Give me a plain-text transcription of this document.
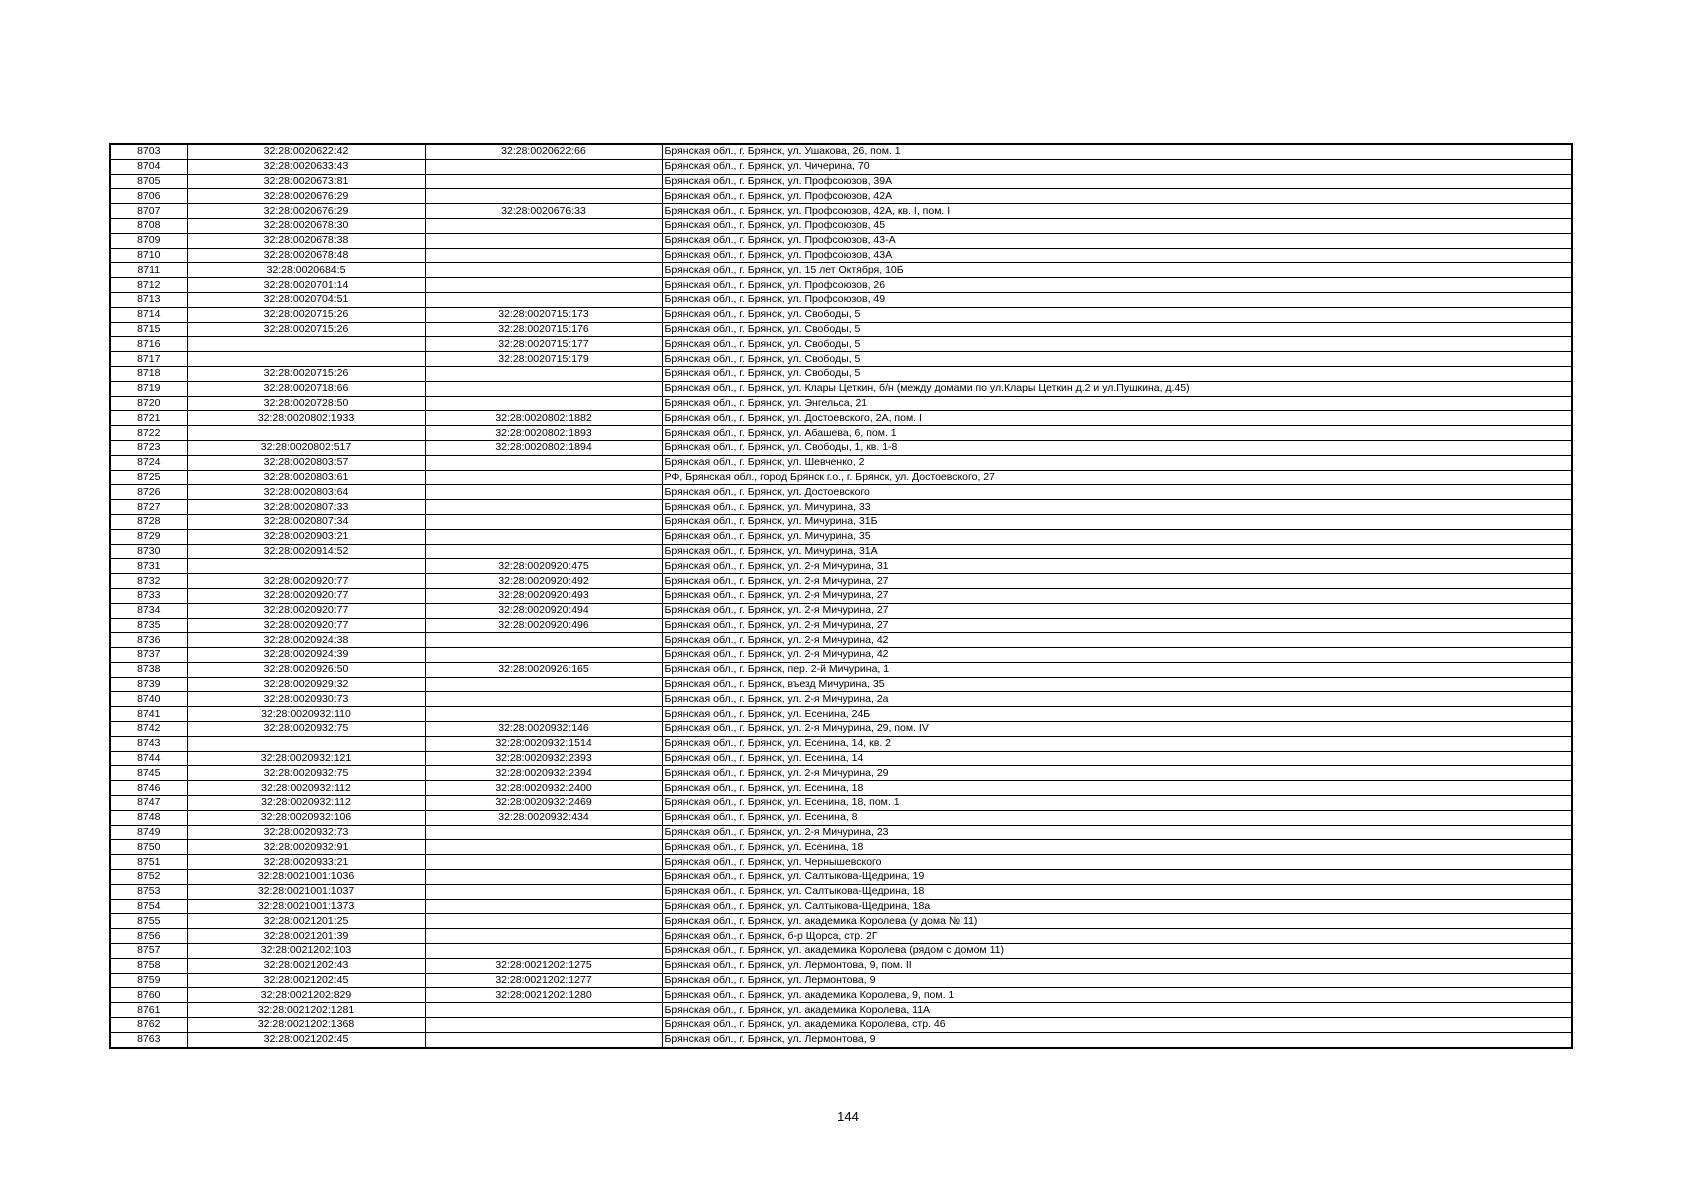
8703	32:28:0020622:42	32:28:0020622:66	Брянская обл., г. Брянск, ул. Ушакова, 26, пом. 1
8704	32:28:0020633:43		Брянская обл., г. Брянск, ул. Чичерина, 70
8705	32:28:0020673:81		Брянская обл., г. Брянск, ул. Профсоюзов, 39А
8706	32:28:0020676:29		Брянская обл., г. Брянск, ул. Профсоюзов, 42А
8707	32:28:0020676:29	32:28:0020676:33	Брянская обл., г. Брянск, ул. Профсоюзов, 42А, кв. I, пом. I
8708	32:28:0020678:30		Брянская обл., г. Брянск, ул. Профсоюзов, 45
8709	32:28:0020678:38		Брянская обл., г. Брянск, ул. Профсоюзов, 43-А
8710	32:28:0020678:48		Брянская обл., г. Брянск, ул. Профсоюзов, 43А
8711	32:28:0020684:5		Брянская обл., г. Брянск, ул. 15 лет Октября, 10Б
8712	32:28:0020701:14		Брянская обл., г. Брянск, ул. Профсоюзов, 26
8713	32:28:0020704:51		Брянская обл., г. Брянск, ул. Профсоюзов, 49
8714	32:28:0020715:26	32:28:0020715:173	Брянская обл., г. Брянск, ул. Свободы, 5
8715	32:28:0020715:26	32:28:0020715:176	Брянская обл., г. Брянск, ул. Свободы, 5
8716		32:28:0020715:177	Брянская обл., г. Брянск, ул. Свободы, 5
8717		32:28:0020715:179	Брянская обл., г. Брянск, ул. Свободы, 5
8718	32:28:0020715:26		Брянская обл., г. Брянск, ул. Свободы, 5
8719	32:28:0020718:66		Брянская обл., г. Брянск, ул. Клары Цеткин, б/н (между домами по ул.Клары Цеткин д.2 и ул.Пушкина, д.45)
8720	32:28:0020728:50		Брянская обл., г. Брянск, ул. Энгельса, 21
8721	32:28:0020802:1933	32:28:0020802:1882	Брянская обл., г. Брянск, ул. Достоевского, 2А, пом. I
8722		32:28:0020802:1893	Брянская обл., г. Брянск, ул. Абашева, 6, пом. 1
8723	32:28:0020802:517	32:28:0020802:1894	Брянская обл., г. Брянск, ул. Свободы, 1, кв. 1-8
8724	32:28:0020803:57		Брянская обл., г. Брянск, ул. Шевченко, 2
8725	32:28:0020803:61		РФ, Брянская обл., город Брянск г.о., г. Брянск, ул. Достоевского, 27
8726	32:28:0020803:64		Брянская обл., г. Брянск, ул. Достоевского
8727	32:28:0020807:33		Брянская обл., г. Брянск, ул. Мичурина, 33
8728	32:28:0020807:34		Брянская обл., г. Брянск, ул. Мичурина, 31Б
8729	32:28:0020903:21		Брянская обл., г. Брянск, ул. Мичурина, 35
8730	32:28:0020914:52		Брянская обл., г. Брянск, ул. Мичурина, 31А
8731		32:28:0020920:475	Брянская обл., г. Брянск, ул. 2-я Мичурина, 31
8732	32:28:0020920:77	32:28:0020920:492	Брянская обл., г. Брянск, ул. 2-я Мичурина, 27
8733	32:28:0020920:77	32:28:0020920:493	Брянская обл., г. Брянск, ул. 2-я Мичурина, 27
8734	32:28:0020920:77	32:28:0020920:494	Брянская обл., г. Брянск, ул. 2-я Мичурина, 27
8735	32:28:0020920:77	32:28:0020920:496	Брянская обл., г. Брянск, ул. 2-я Мичурина, 27
8736	32:28:0020924:38		Брянская обл., г. Брянск, ул. 2-я Мичурина, 42
8737	32:28:0020924:39		Брянская обл., г. Брянск, ул. 2-я Мичурина, 42
8738	32:28:0020926:50	32:28:0020926:165	Брянская обл., г. Брянск, пер. 2-й Мичурина, 1
8739	32:28:0020929:32		Брянская обл., г. Брянск, въезд Мичурина, 35
8740	32:28:0020930:73		Брянская обл., г. Брянск, ул. 2-я Мичурина, 2а
8741	32:28:0020932:110		Брянская обл., г. Брянск, ул. Есенина, 24Б
8742	32:28:0020932:75	32:28:0020932:146	Брянская обл., г. Брянск, ул. 2-я Мичурина, 29, пом. IV
8743		32:28:0020932:1514	Брянская обл., г. Брянск, ул. Есенина, 14, кв. 2
8744	32:28:0020932:121	32:28:0020932:2393	Брянская обл., г. Брянск, ул. Есенина, 14
8745	32:28:0020932:75	32:28:0020932:2394	Брянская обл., г. Брянск, ул. 2-я Мичурина, 29
8746	32:28:0020932:112	32:28:0020932:2400	Брянская обл., г. Брянск, ул. Есенина, 18
8747	32:28:0020932:112	32:28:0020932:2469	Брянская обл., г. Брянск, ул. Есенина, 18, пом. 1
8748	32:28:0020932:106	32:28:0020932:434	Брянская обл., г. Брянск, ул. Есенина, 8
8749	32:28:0020932:73		Брянская обл., г. Брянск, ул. 2-я Мичурина, 23
8750	32:28:0020932:91		Брянская обл., г. Брянск, ул. Есенина, 18
8751	32:28:0020933:21		Брянская обл., г. Брянск, ул. Чернышевского
8752	32:28:0021001:1036		Брянская обл., г. Брянск, ул. Салтыкова-Щедрина, 19
8753	32:28:0021001:1037		Брянская обл., г. Брянск, ул. Салтыкова-Щедрина, 18
8754	32:28:0021001:1373		Брянская обл., г. Брянск, ул. Салтыкова-Щедрина, 18а
8755	32:28:0021201:25		Брянская обл., г. Брянск, ул. академика Королева (у дома № 11)
8756	32:28:0021201:39		Брянская обл., г. Брянск, б-р Щорса, стр. 2Г
8757	32:28:0021202:103		Брянская обл., г. Брянск, ул. академика Королева (рядом с домом 11)
8758	32:28:0021202:43	32:28:0021202:1275	Брянская обл., г. Брянск, ул. Лермонтова, 9, пом. II
8759	32:28:0021202:45	32:28:0021202:1277	Брянская обл., г. Брянск, ул. Лермонтова, 9
8760	32:28:0021202:829	32:28:0021202:1280	Брянская обл., г. Брянск, ул. академика Королева, 9, пом. 1
8761	32:28:0021202:1281		Брянская обл., г. Брянск, ул. академика Королева, 11А
8762	32:28:0021202:1368		Брянская обл., г. Брянск, ул. академика Королева, стр. 46
8763	32:28:0021202:45		Брянская обл., г. Брянск, ул. Лермонтова, 9
144
